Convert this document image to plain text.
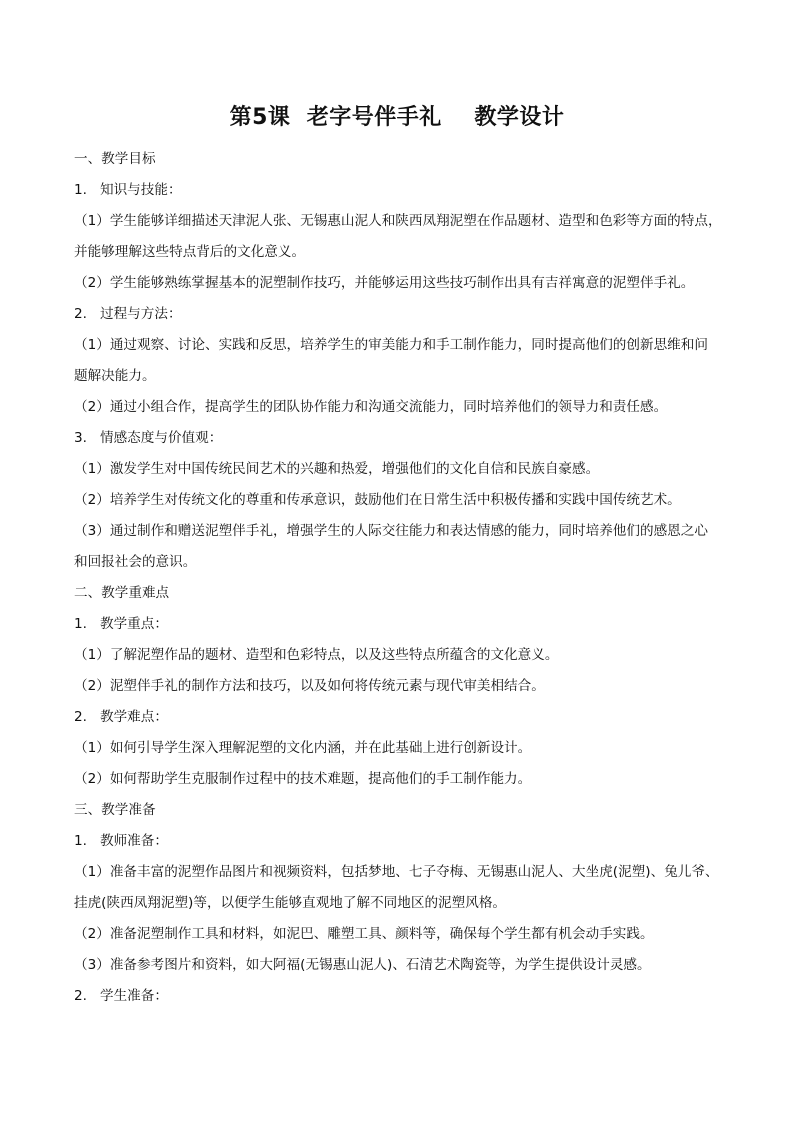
第5课  老字号伴手礼    教学设计

一、教学目标

1. 知识与技能：

（1）学生能够详细描述天津泥人张、无锡惠山泥人和陕西凤翔泥塑在作品题材、造型和色彩等方面的特点，

并能够理解这些特点背后的文化意义。

（2）学生能够熟练掌握基本的泥塑制作技巧，并能够运用这些技巧制作出具有吉祥寓意的泥塑伴手礼。

2. 过程与方法：

（1）通过观察、讨论、实践和反思，培养学生的审美能力和手工制作能力，同时提高他们的创新思维和问

题解决能力。

（2）通过小组合作，提高学生的团队协作能力和沟通交流能力，同时培养他们的领导力和责任感。

3. 情感态度与价值观：

（1）激发学生对中国传统民间艺术的兴趣和热爱，增强他们的文化自信和民族自豪感。

（2）培养学生对传统文化的尊重和传承意识，鼓励他们在日常生活中积极传播和实践中国传统艺术。

（3）通过制作和赠送泥塑伴手礼，增强学生的人际交往能力和表达情感的能力，同时培养他们的感恩之心

和回报社会的意识。

二、教学重难点

1. 教学重点：

（1）了解泥塑作品的题材、造型和色彩特点，以及这些特点所蕴含的文化意义。

（2）泥塑伴手礼的制作方法和技巧，以及如何将传统元素与现代审美相结合。

2. 教学难点：

（1）如何引导学生深入理解泥塑的文化内涵，并在此基础上进行创新设计。

（2）如何帮助学生克服制作过程中的技术难题，提高他们的手工制作能力。

三、教学准备

1. 教师准备：

（1）准备丰富的泥塑作品图片和视频资料，包括梦地、七子夺梅、无锡惠山泥人、大坐虎(泥塑)、兔儿爷、

挂虎(陕西凤翔泥塑)等，以便学生能够直观地了解不同地区的泥塑风格。

（2）准备泥塑制作工具和材料，如泥巴、雕塑工具、颜料等，确保每个学生都有机会动手实践。

（3）准备参考图片和资料，如大阿福(无锡惠山泥人)、石清艺术陶瓷等，为学生提供设计灵感。

2. 学生准备：
